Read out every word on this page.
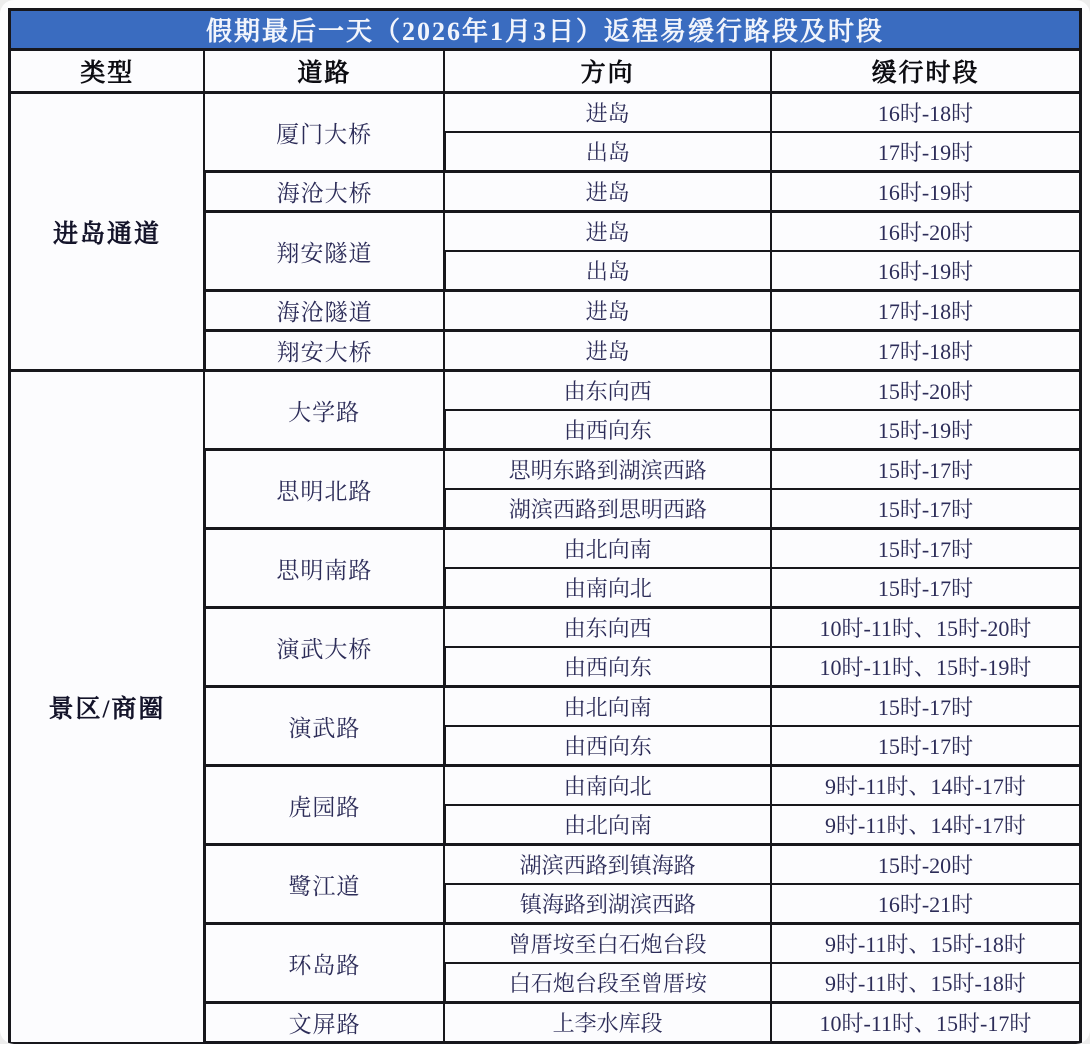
假期最后一天（2026年1月3日）返程易缓行路段及时段			
类型	道路	方向	缓行时段
进岛通道	厦门大桥	进岛	16时-18时
		出岛	17时-19时
	海沧大桥	进岛	16时-19时
	翔安隧道	进岛	16时-20时
		出岛	16时-19时
	海沧隧道	进岛	17时-18时
	翔安大桥	进岛	17时-18时
景区/商圈	大学路	由东向西	15时-20时
		由西向东	15时-19时
	思明北路	思明东路到湖滨西路	15时-17时
		湖滨西路到思明西路	15时-17时
	思明南路	由北向南	15时-17时
		由南向北	15时-17时
	演武大桥	由东向西	10时-11时、15时-20时
		由西向东	10时-11时、15时-19时
	演武路	由北向南	15时-17时
		由西向东	15时-17时
	虎园路	由南向北	9时-11时、14时-17时
		由北向南	9时-11时、14时-17时
	鹭江道	湖滨西路到镇海路	15时-20时
		镇海路到湖滨西路	16时-21时
	环岛路	曾厝垵至白石炮台段	9时-11时、15时-18时
		白石炮台段至曾厝垵	9时-11时、15时-18时
	文屏路	上李水库段	10时-11时、15时-17时
